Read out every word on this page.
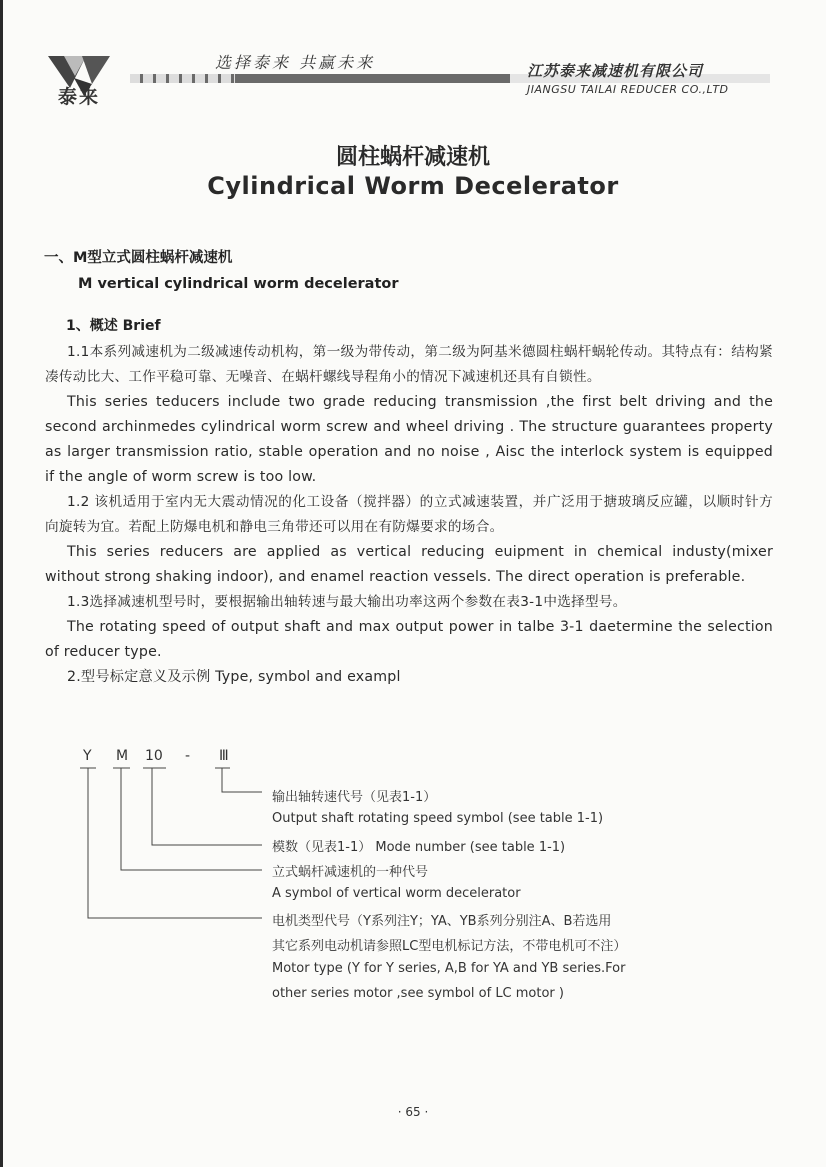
泰来
选择泰来 共赢未来	江苏泰来减速机有限公司
JIANGSU TAILAI REDUCER CO.,LTD
圆柱蜗杆减速机
Cylindrical Worm Decelerator
一、M型立式圆柱蜗杆减速机
M vertical cylindrical worm decelerator
1、概述 Brief

1.1本系列减速机为二级减速传动机构，第一级为带传动，第二级为阿基米德圆柱蜗杆蜗轮传动。其特点有：结构紧凑传动比大、工作平稳可靠、无噪音、在蜗杆螺线导程角小的情况下减速机还具有自锁性。

This series teducers include two grade reducing transmission ,the first belt driving and the second archinmedes cylindrical worm screw and wheel driving . The structure guarantees property as larger transmission ratio, stable operation and no noise , Aisc the interlock system is equipped if the angle of worm screw is too low.

1.2 该机适用于室内无大震动情况的化工设备（搅拌器）的立式减速装置，并广泛用于搪玻璃反应罐，以顺时针方向旋转为宜。若配上防爆电机和静电三角带还可以用在有防爆要求的场合。

This series reducers are applied as vertical reducing euipment in chemical industy(mixer without strong shaking indoor), and enamel reaction vessels. The direct operation is preferable.

1.3选择减速机型号时，要根据输出轴转速与最大输出功率这两个参数在表3-1中选择型号。

The rotating speed of output shaft and max output power in talbe 3-1 daetermine the selection of reducer type.

2.型号标定意义及示例 Type, symbol and exampl

Y M 10 - Ⅲ
输出轴转速代号（见表1-1）
Output shaft rotating speed symbol (see table 1-1)
模数（见表1-1） Mode number (see table 1-1)
立式蜗杆减速机的一种代号
A symbol of vertical worm decelerator
电机类型代号（Y系列注Y；YA、YB系列分别注A、B若选用
其它系列电动机请参照LC型电机标记方法，不带电机可不注）
Motor type (Y for Y series, A,B for YA and YB series.For
other series motor ,see symbol of LC motor )
· 65 ·
